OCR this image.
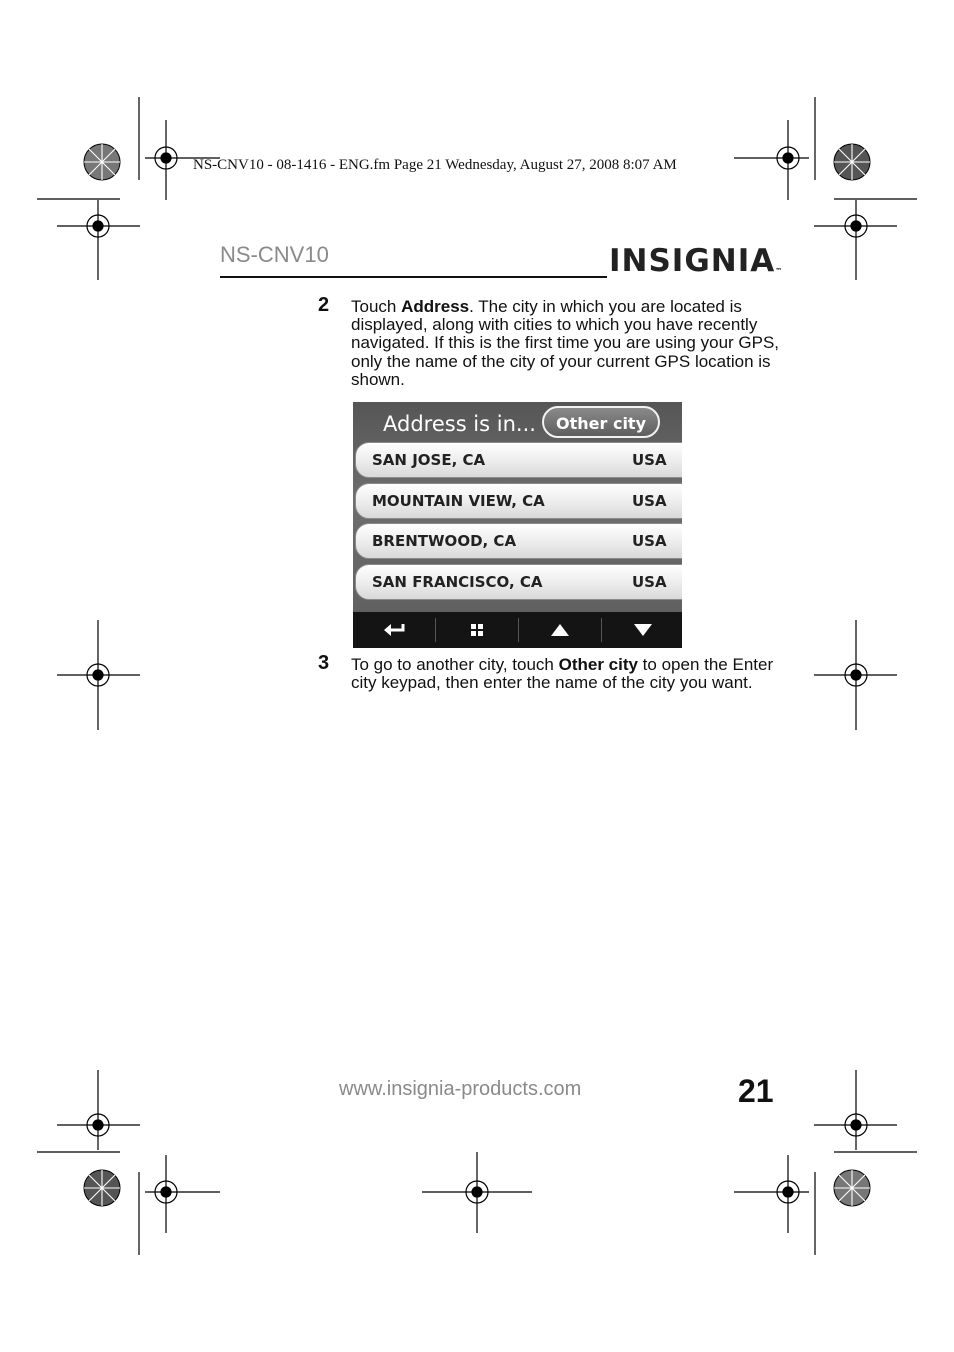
NS-CNV10 - 08-1416 - ENG.fm Page 21 Wednesday, August 27, 2008 8:07 AM
NS-CNV10	INSIGNIA™
2 Touch Address. The city in which you are located is displayed, along with cities to which you have recently navigated. If this is the first time you are using your GPS, only the name of the city of your current GPS location is shown.
Address is in...	Other city
SAN JOSE, CA	USA
MOUNTAIN VIEW, CA	USA
BRENTWOOD, CA	USA
SAN FRANCISCO, CA	USA
3 To go to another city, touch Other city to open the Enter city keypad, then enter the name of the city you want.
www.insignia-products.com	21
